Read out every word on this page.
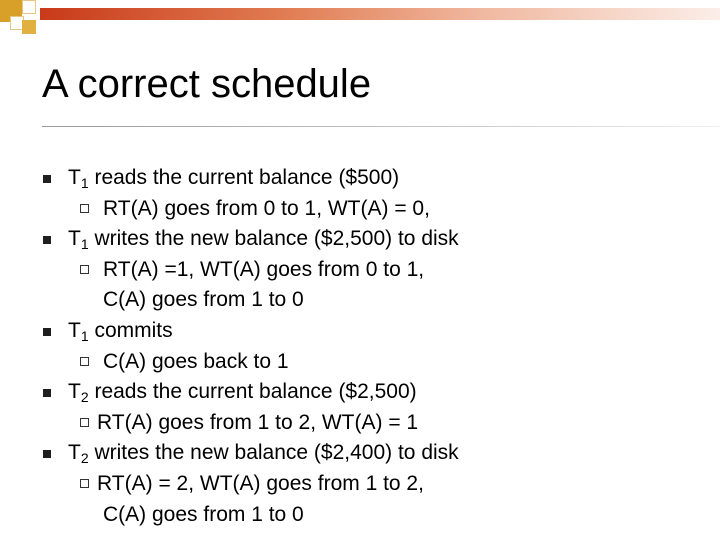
A correct schedule
$T_1$ reads the current balance ($500)
RT(A) goes from 0 to 1, WT(A) = 0,
$T_1$ writes the new balance ($2,500) to disk
RT(A) =1, WT(A) goes from 0 to 1,
C(A) goes from 1 to 0
$T_1$ commits
C(A) goes back to 1
$T_2$ reads the current balance ($2,500)
RT(A) goes from 1 to 2, WT(A) = 1
$T_2$ writes the new balance ($2,400) to disk
RT(A) = 2, WT(A) goes from 1 to 2,
C(A) goes from 1 to 0
